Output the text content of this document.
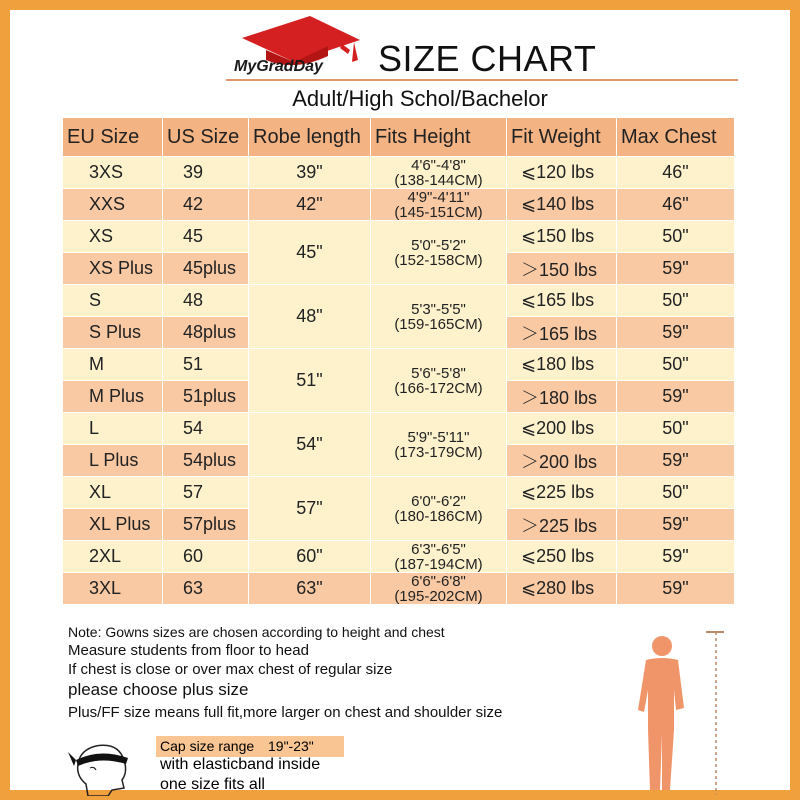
MyGradDay SIZE CHART
Adult/High Schol/Bachelor
EU Size	US Size	Robe length	Fits Height	Fit Weight	Max Chest
3XS	39	39"	4'6"-4'8"
(138-144CM)	⩽120 lbs	46"
XXS	42	42"	4'9"-4'11"
(145-151CM)	⩽140 lbs	46"
XS	45	45"	5'0"-5'2"
(152-158CM)	⩽150 lbs	50"
XS Plus	45plus			＞150 lbs	59"
S	48	48"	5'3"-5'5"
(159-165CM)	⩽165 lbs	50"
S Plus	48plus			＞165 lbs	59"
M	51	51"	5'6"-5'8"
(166-172CM)	⩽180 lbs	50"
M Plus	51plus			＞180 lbs	59"
L	54	54"	5'9"-5'11"
(173-179CM)	⩽200 lbs	50"
L Plus	54plus			＞200 lbs	59"
XL	57	57"	6'0"-6'2"
(180-186CM)	⩽225 lbs	50"
XL Plus	57plus			＞225 lbs	59"
2XL	60	60"	6'3"-6'5"
(187-194CM)	⩽250 lbs	59"
3XL	63	63"	6'6"-6'8"
(195-202CM)	⩽280 lbs	59"
Note: Gowns sizes are chosen according to height and chest
Measure students from floor to head
If chest is close or over max chest of regular size
please choose plus size
Plus/FF size means full fit,more larger on chest and shoulder size
Cap size range 19"-23"
with elasticband inside
one size fits all
